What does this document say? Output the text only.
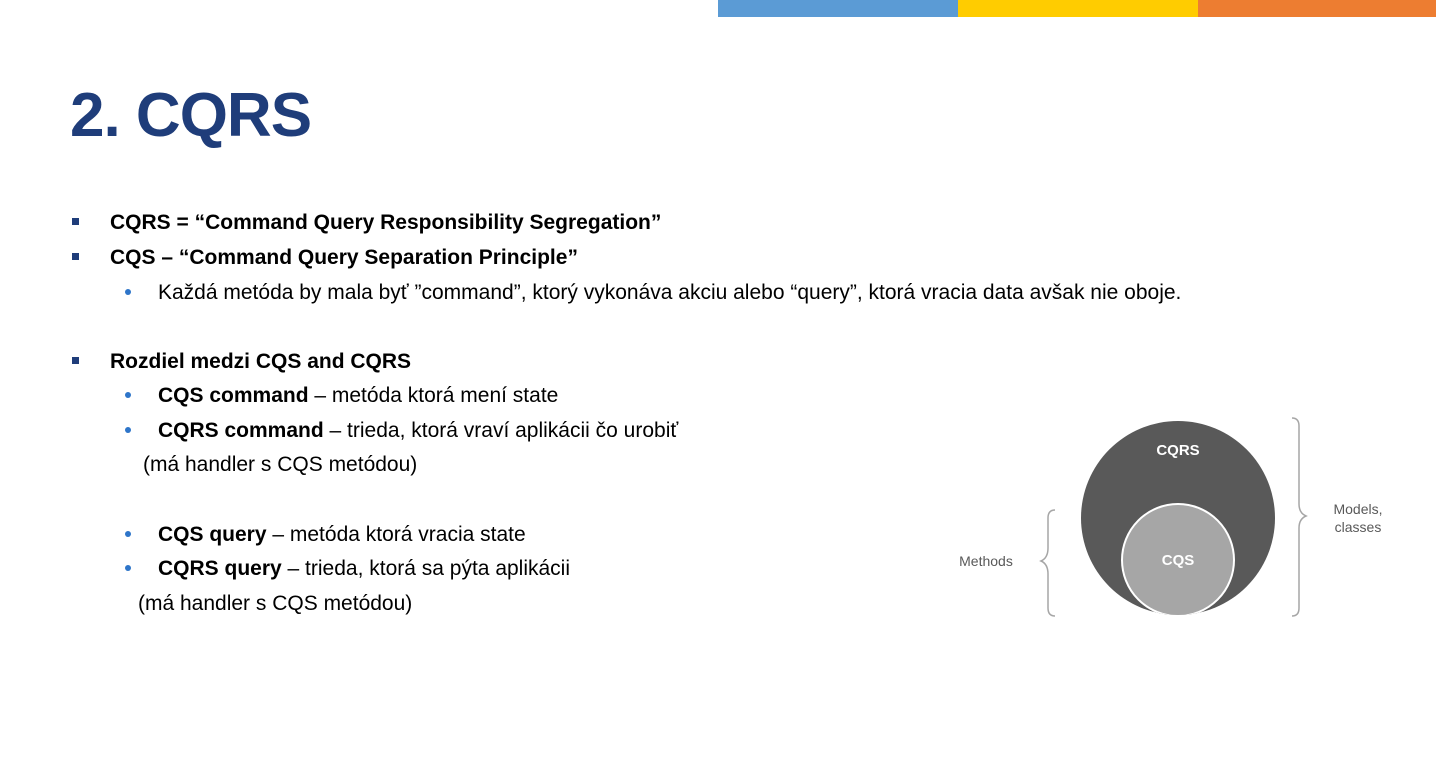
2. CQRS
CQRS = “Command Query Responsibility Segregation”
CQS – “Command Query Separation Principle”
Každá metóda by mala byť ”command”, ktorý vykonáva akciu alebo “query”, ktorá vracia data avšak nie oboje.
Rozdiel medzi CQS and CQRS
CQS command – metóda ktorá mení state
CQRS command – trieda, ktorá vraví aplikácii čo urobiť
(má handler s CQS metódou)
CQS query – metóda ktorá vracia state
CQRS query – trieda, ktorá sa pýta aplikácii
(má handler s CQS metódou)
CQRS
CQS
Methods
Models,
classes
